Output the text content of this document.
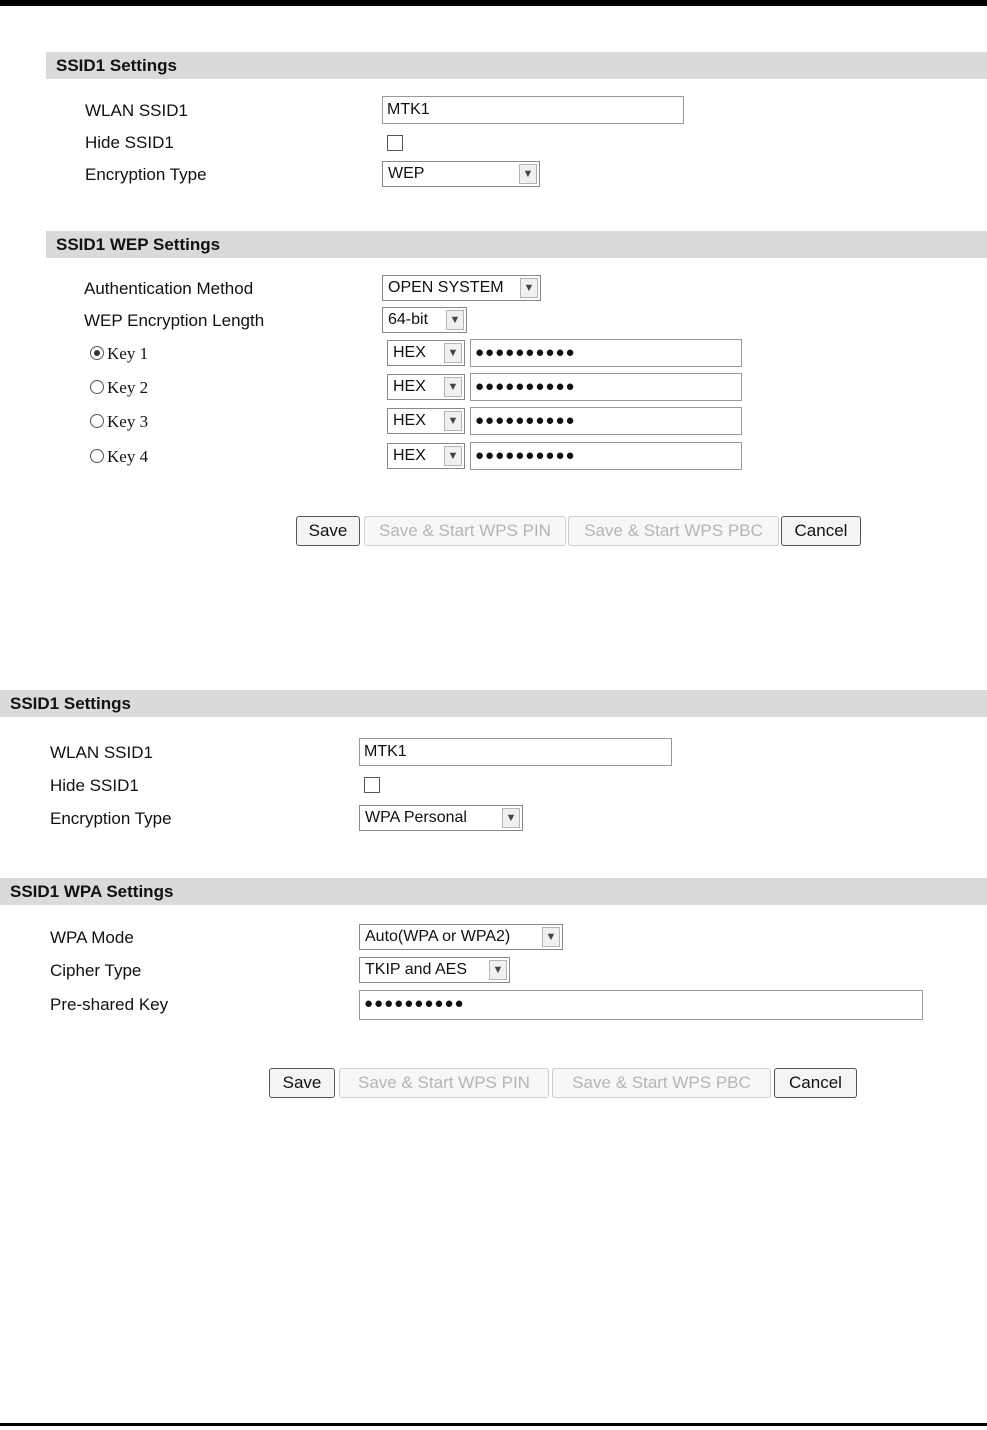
SSID1 Settings
WLAN SSID1	MTK1
Hide SSID1
Encryption Type	WEP	▼
SSID1 WEP Settings
Authentication Method	OPEN SYSTEM	▼
WEP Encryption Length	64-bit	▼
Key 1	HEX	▼	●●●●●●●●●●
Key 2	HEX	▼	●●●●●●●●●●
Key 3	HEX	▼	●●●●●●●●●●
Key 4	HEX	▼	●●●●●●●●●●
Save	Save & Start WPS PIN	Save & Start WPS PBC	Cancel
SSID1 Settings
WLAN SSID1	MTK1
Hide SSID1
Encryption Type	WPA Personal	▼
SSID1 WPA Settings
WPA Mode	Auto(WPA or WPA2)	▼
Cipher Type	TKIP and AES	▼
Pre-shared Key	●●●●●●●●●●
Save	Save & Start WPS PIN	Save & Start WPS PBC	Cancel
